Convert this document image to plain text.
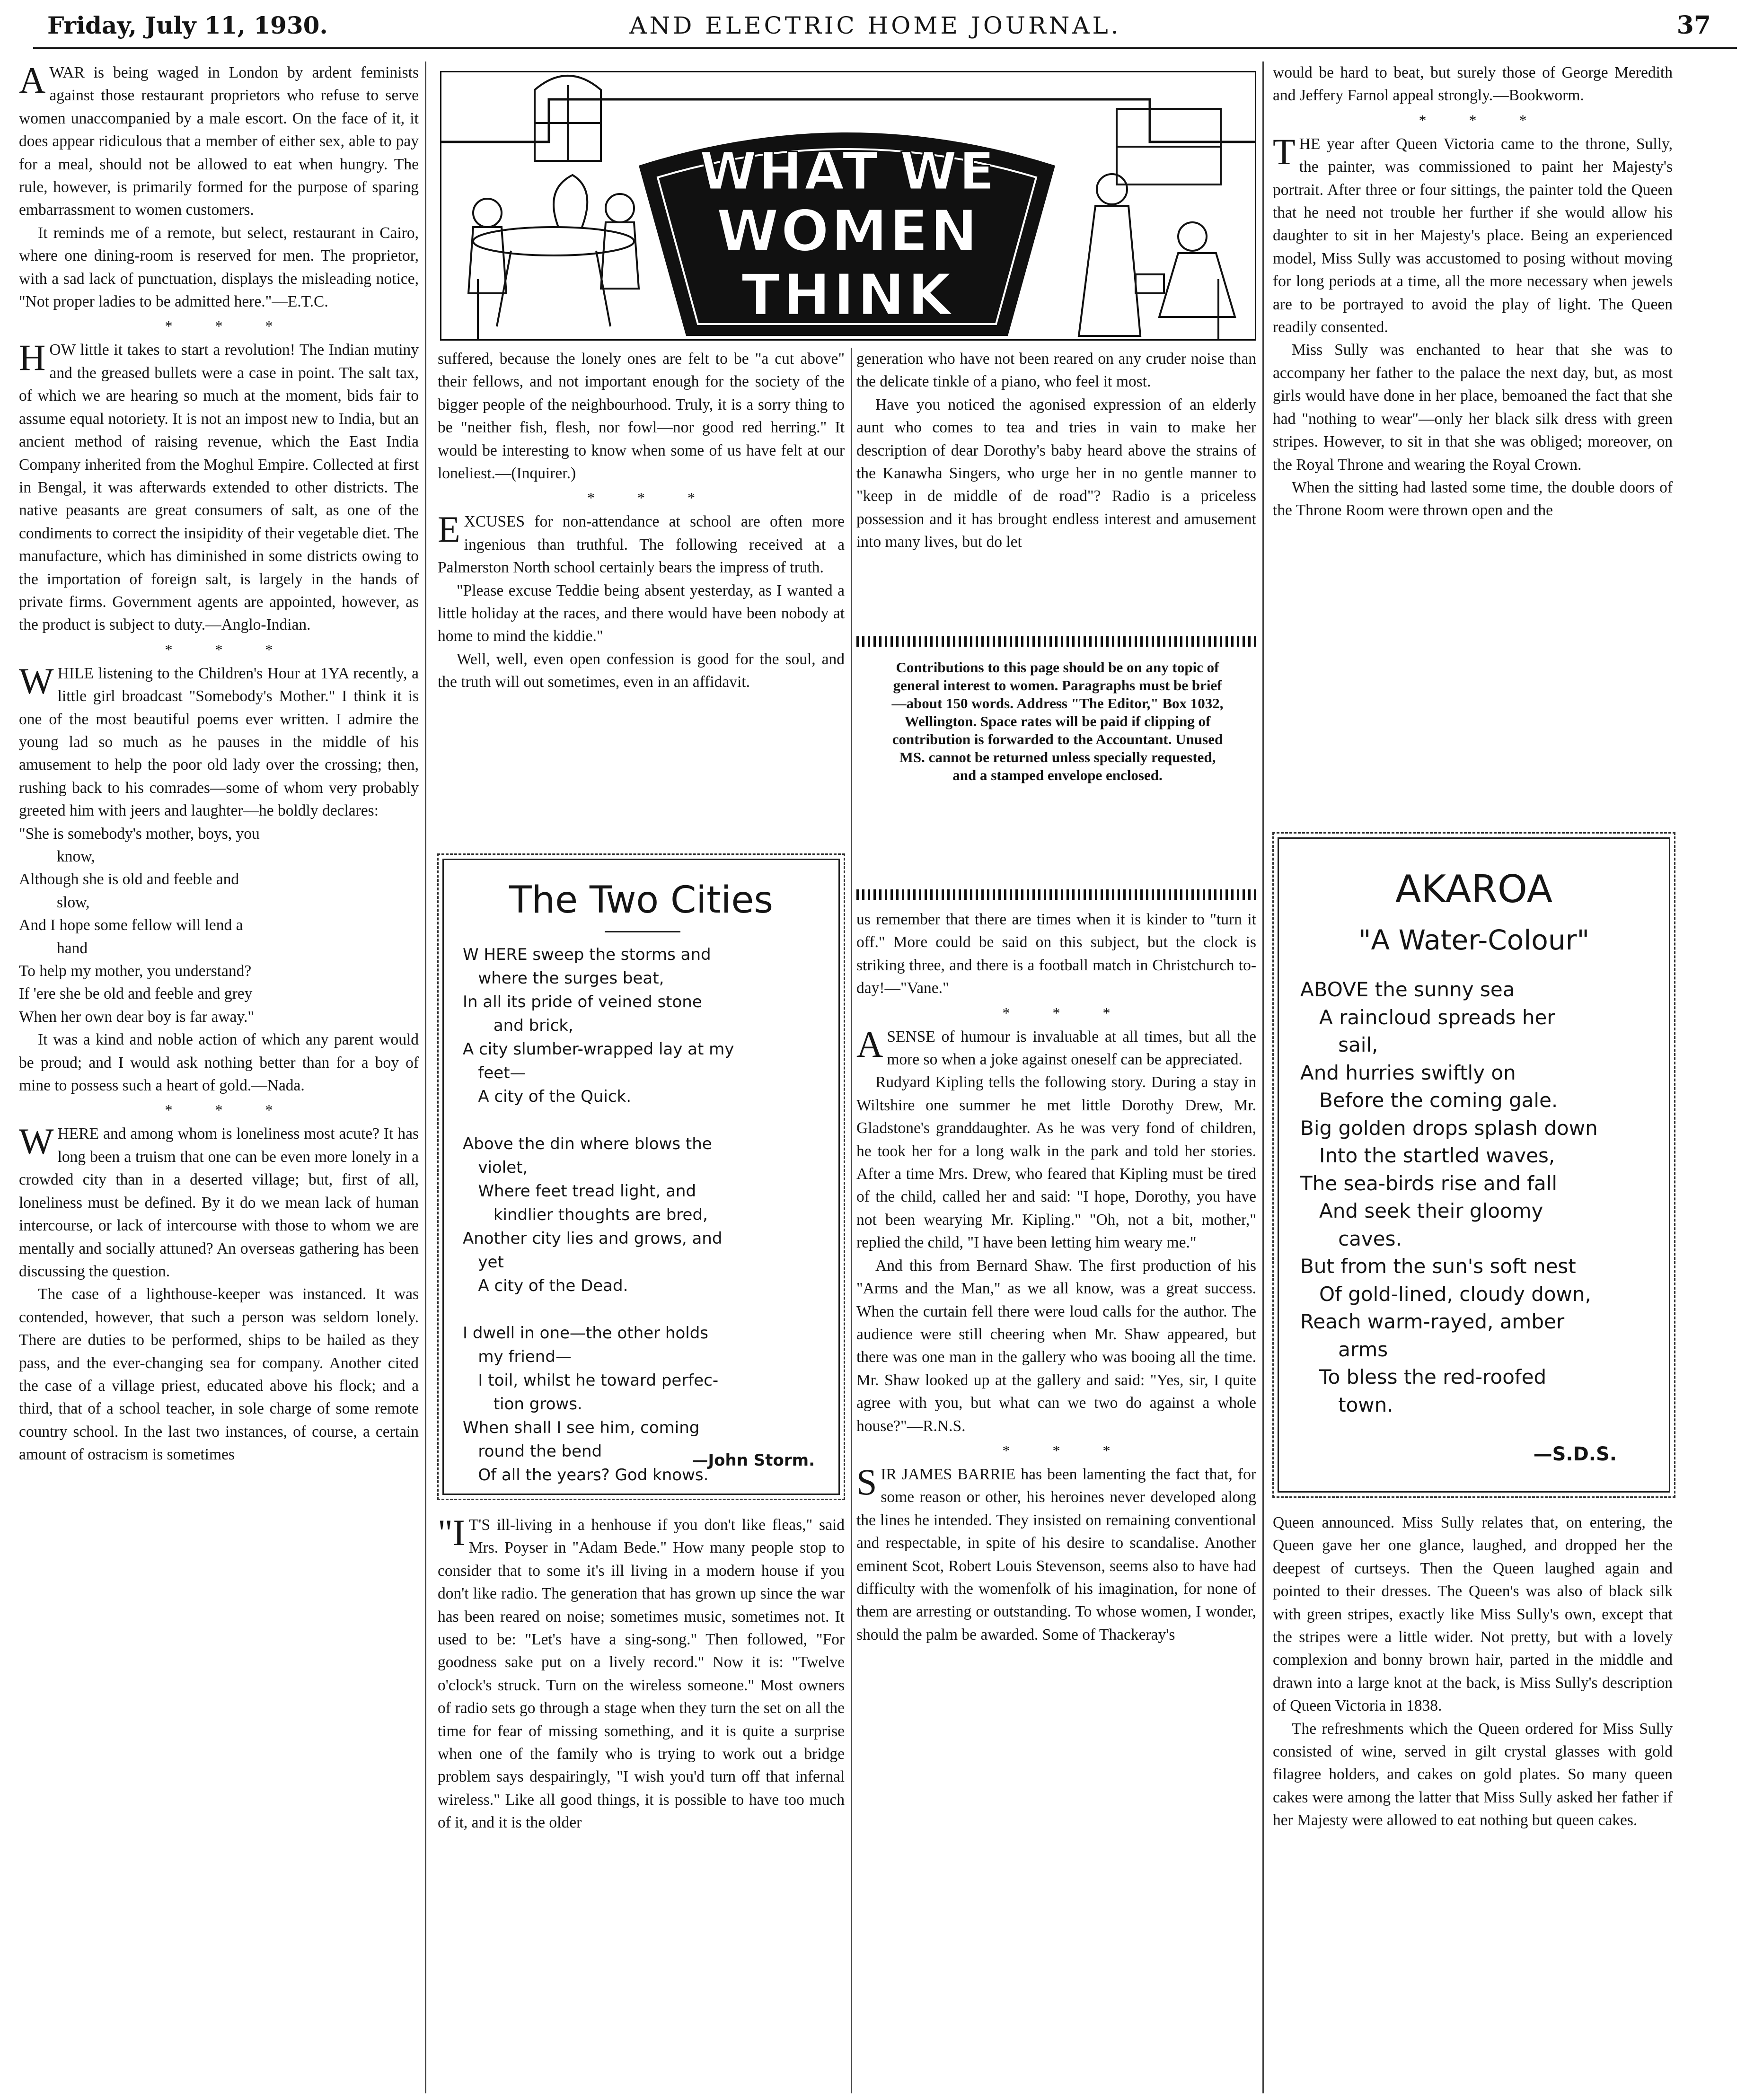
Friday, July 11, 1930.	AND ELECTRIC HOME JOURNAL.	37
WHAT WE
WOMEN
THINK

AWAR is being waged in London by ardent feminists against those restaurant proprietors who refuse to serve women unaccompanied by a male escort. On the face of it, it does appear ridiculous that a member of either sex, able to pay for a meal, should not be allowed to eat when hungry. The rule, however, is primarily formed for the purpose of sparing embarrassment to women customers.

It reminds me of a remote, but select, restaurant in Cairo, where one dining-room is reserved for men. The proprietor, with a sad lack of punctuation, displays the misleading notice, "Not proper ladies to be admitted here."—E.T.C.

***

HOW little it takes to start a revolution! The Indian mutiny and the greased bullets were a case in point. The salt tax, of which we are hearing so much at the moment, bids fair to assume equal notoriety. It is not an impost new to India, but an ancient method of raising revenue, which the East India Company inherited from the Moghul Empire. Collected at first in Bengal, it was afterwards extended to other districts. The native peasants are great consumers of salt, as one of the condiments to correct the insipidity of their vegetable diet. The manufacture, which has diminished in some districts owing to the importation of foreign salt, is largely in the hands of private firms. Government agents are appointed, however, as the product is subject to duty.—Anglo-Indian.

***

WHILE listening to the Children's Hour at 1YA recently, a little girl broadcast "Somebody's Mother." I think it is one of the most beautiful poems ever written. I admire the young lad so much as he pauses in the middle of his amusement to help the poor old lady over the crossing; then, rushing back to his comrades—some of whom very probably greeted him with jeers and laughter—he boldly declares:

"She is somebody's mother, boys, you
know,
Although she is old and feeble and
slow,
And I hope some fellow will lend a
hand
To help my mother, you understand?
If 'ere she be old and feeble and grey
When her own dear boy is far away."

It was a kind and noble action of which any parent would be proud; and I would ask nothing better than for a boy of mine to possess such a heart of gold.—Nada.

***

WHERE and among whom is loneliness most acute? It has long been a truism that one can be even more lonely in a crowded city than in a deserted village; but, first of all, loneliness must be defined. By it do we mean lack of human intercourse, or lack of intercourse with those to whom we are mentally and socially attuned? An overseas gathering has been discussing the question.

The case of a lighthouse-keeper was instanced. It was contended, however, that such a person was seldom lonely. There are duties to be performed, ships to be hailed as they pass, and the ever-changing sea for company. Another cited the case of a village priest, educated above his flock; and a third, that of a school teacher, in sole charge of some remote country school. In the last two instances, of course, a certain amount of ostracism is sometimes

suffered, because the lonely ones are felt to be "a cut above" their fellows, and not important enough for the society of the bigger people of the neighbourhood. Truly, it is a sorry thing to be "neither fish, flesh, nor fowl—nor good red herring." It would be interesting to know when some of us have felt at our loneliest.—(Inquirer.)

***

EXCUSES for non-attendance at school are often more ingenious than truthful. The following received at a Palmerston North school certainly bears the impress of truth.

"Please excuse Teddie being absent yesterday, as I wanted a little holiday at the races, and there would have been nobody at home to mind the kiddie."

Well, well, even open confession is good for the soul, and the truth will out sometimes, even in an affidavit.

The Two Cities
W HERE sweep the storms and
where the surges beat,
In all its pride of veined stone
and brick,
A city slumber-wrapped lay at my
feet—
A city of the Quick.

Above the din where blows the
violet,
Where feet tread light, and
kindlier thoughts are bred,
Another city lies and grows, and
yet
A city of the Dead.

I dwell in one—the other holds
my friend—
I toil, whilst he toward perfec-
tion grows.
When shall I see him, coming
round the bend
Of all the years? God knows.
—John Storm.

"I T'S ill-living in a henhouse if you don't like fleas," said Mrs. Poyser in "Adam Bede." How many people stop to consider that to some it's ill living in a modern house if you don't like radio. The generation that has grown up since the war has been reared on noise; sometimes music, sometimes not. It used to be: "Let's have a sing-song." Then followed, "For goodness sake put on a lively record." Now it is: "Twelve o'clock's struck. Turn on the wireless someone." Most owners of radio sets go through a stage when they turn the set on all the time for fear of missing something, and it is quite a surprise when one of the family who is trying to work out a bridge problem says despairingly, "I wish you'd turn off that infernal wireless." Like all good things, it is possible to have too much of it, and it is the older

generation who have not been reared on any cruder noise than the delicate tinkle of a piano, who feel it most.

Have you noticed the agonised expression of an elderly aunt who comes to tea and tries in vain to make her description of dear Dorothy's baby heard above the strains of the Kanawha Singers, who urge her in no gentle manner to "keep in de middle of de road"? Radio is a priceless possession and it has brought endless interest and amusement into many lives, but do let

Contributions to this page should be on any topic of general interest to women. Paragraphs must be brief—about 150 words. Address "The Editor," Box 1032, Wellington. Space rates will be paid if clipping of contribution is forwarded to the Accountant. Unused MS. cannot be returned unless specially requested, and a stamped envelope enclosed.

us remember that there are times when it is kinder to "turn it off." More could be said on this subject, but the clock is striking three, and there is a football match in Christchurch to-day!—"Vane."

***

ASENSE of humour is invaluable at all times, but all the more so when a joke against oneself can be appreciated.

Rudyard Kipling tells the following story. During a stay in Wiltshire one summer he met little Dorothy Drew, Mr. Gladstone's granddaughter. As he was very fond of children, he took her for a long walk in the park and told her stories. After a time Mrs. Drew, who feared that Kipling must be tired of the child, called her and said: "I hope, Dorothy, you have not been wearying Mr. Kipling." "Oh, not a bit, mother," replied the child, "I have been letting him weary me."

And this from Bernard Shaw. The first production of his "Arms and the Man," as we all know, was a great success. When the curtain fell there were loud calls for the author. The audience were still cheering when Mr. Shaw appeared, but there was one man in the gallery who was booing all the time. Mr. Shaw looked up at the gallery and said: "Yes, sir, I quite agree with you, but what can we two do against a whole house?"—R.N.S.

***

SIR JAMES BARRIE has been lamenting the fact that, for some reason or other, his heroines never developed along the lines he intended. They insisted on remaining conventional and respectable, in spite of his desire to scandalise. Another eminent Scot, Robert Louis Stevenson, seems also to have had difficulty with the womenfolk of his imagination, for none of them are arresting or outstanding. To whose women, I wonder, should the palm be awarded. Some of Thackeray's

would be hard to beat, but surely those of George Meredith and Jeffery Farnol appeal strongly.—Bookworm.

***

THE year after Queen Victoria came to the throne, Sully, the painter, was commissioned to paint her Majesty's portrait. After three or four sittings, the painter told the Queen that he need not trouble her further if she would allow his daughter to sit in her Majesty's place. Being an experienced model, Miss Sully was accustomed to posing without moving for long periods at a time, all the more necessary when jewels are to be portrayed to avoid the play of light. The Queen readily consented.

Miss Sully was enchanted to hear that she was to accompany her father to the palace the next day, but, as most girls would have done in her place, bemoaned the fact that she had "nothing to wear"—only her black silk dress with green stripes. However, to sit in that she was obliged; moreover, on the Royal Throne and wearing the Royal Crown.

When the sitting had lasted some time, the double doors of the Throne Room were thrown open and the

AKAROA
"A Water-Colour"
ABOVE the sunny sea
A raincloud spreads her
sail,
And hurries swiftly on
Before the coming gale.
Big golden drops splash down
Into the startled waves,
The sea-birds rise and fall
And seek their gloomy
caves.
But from the sun's soft nest
Of gold-lined, cloudy down,
Reach warm-rayed, amber
arms
To bless the red-roofed
town.
—S.D.S.

Queen announced. Miss Sully relates that, on entering, the Queen gave her one glance, laughed, and dropped her the deepest of curtseys. Then the Queen laughed again and pointed to their dresses. The Queen's was also of black silk with green stripes, exactly like Miss Sully's own, except that the stripes were a little wider. Not pretty, but with a lovely complexion and bonny brown hair, parted in the middle and drawn into a large knot at the back, is Miss Sully's description of Queen Victoria in 1838.

The refreshments which the Queen ordered for Miss Sully consisted of wine, served in gilt crystal glasses with gold filagree holders, and cakes on gold plates. So many queen cakes were among the latter that Miss Sully asked her father if her Majesty were allowed to eat nothing but queen cakes.
